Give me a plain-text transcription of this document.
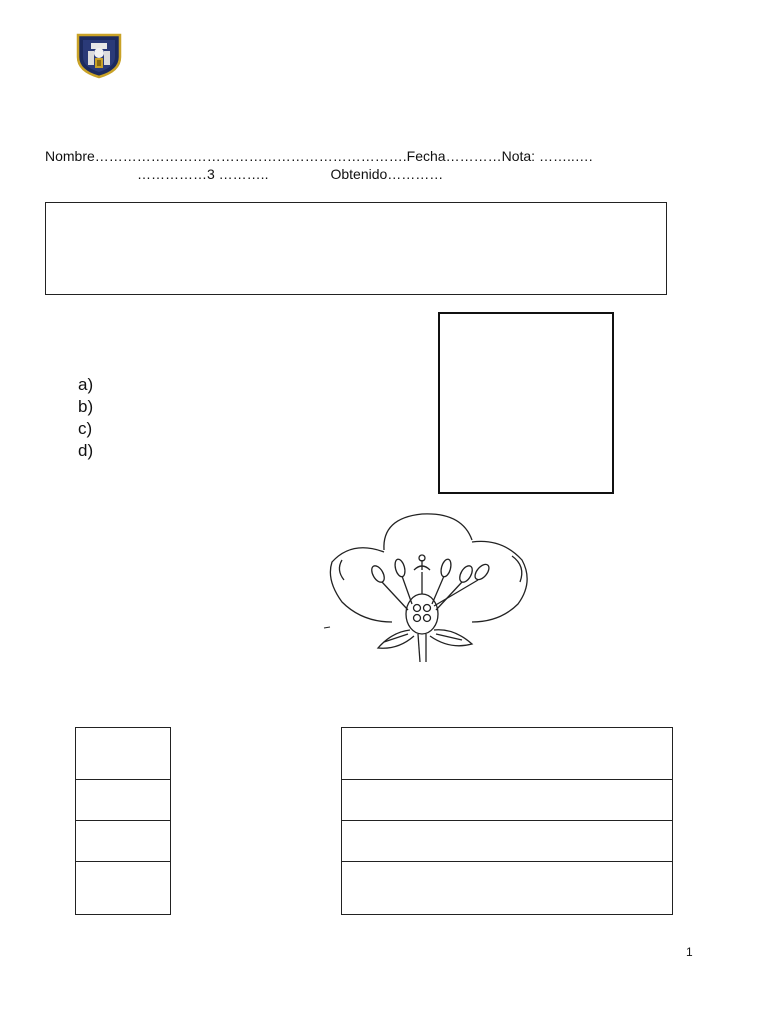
Nombre………………………………………………………….Fecha…………Nota: ……..….
……………3 ………..	Obtenido…………
a)
b)
c)
d)

1
